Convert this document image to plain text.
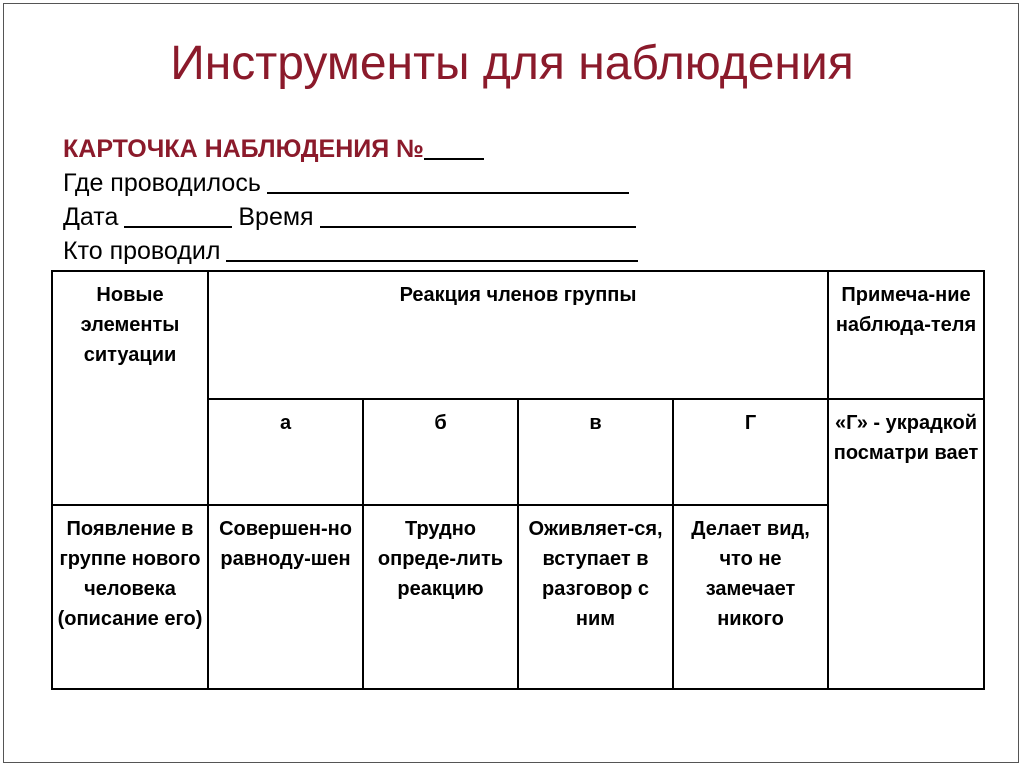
Инструменты для наблюдения
КАРТОЧКА НАБЛЮДЕНИЯ
№
Где проводилось
Дата	Время
Кто проводил
Новые элементы ситуации	Реакция членов группы				Примеча-ние наблюда-теля
	а	б	в	Г	«Г» - украдкой посматри вает
Появление в группе нового человека (описание его)	Совершен-но равноду-шен	Трудно опреде-лить реакцию	Оживляет-ся, вступает в разговор с ним	Делает вид, что не замечает никого	
